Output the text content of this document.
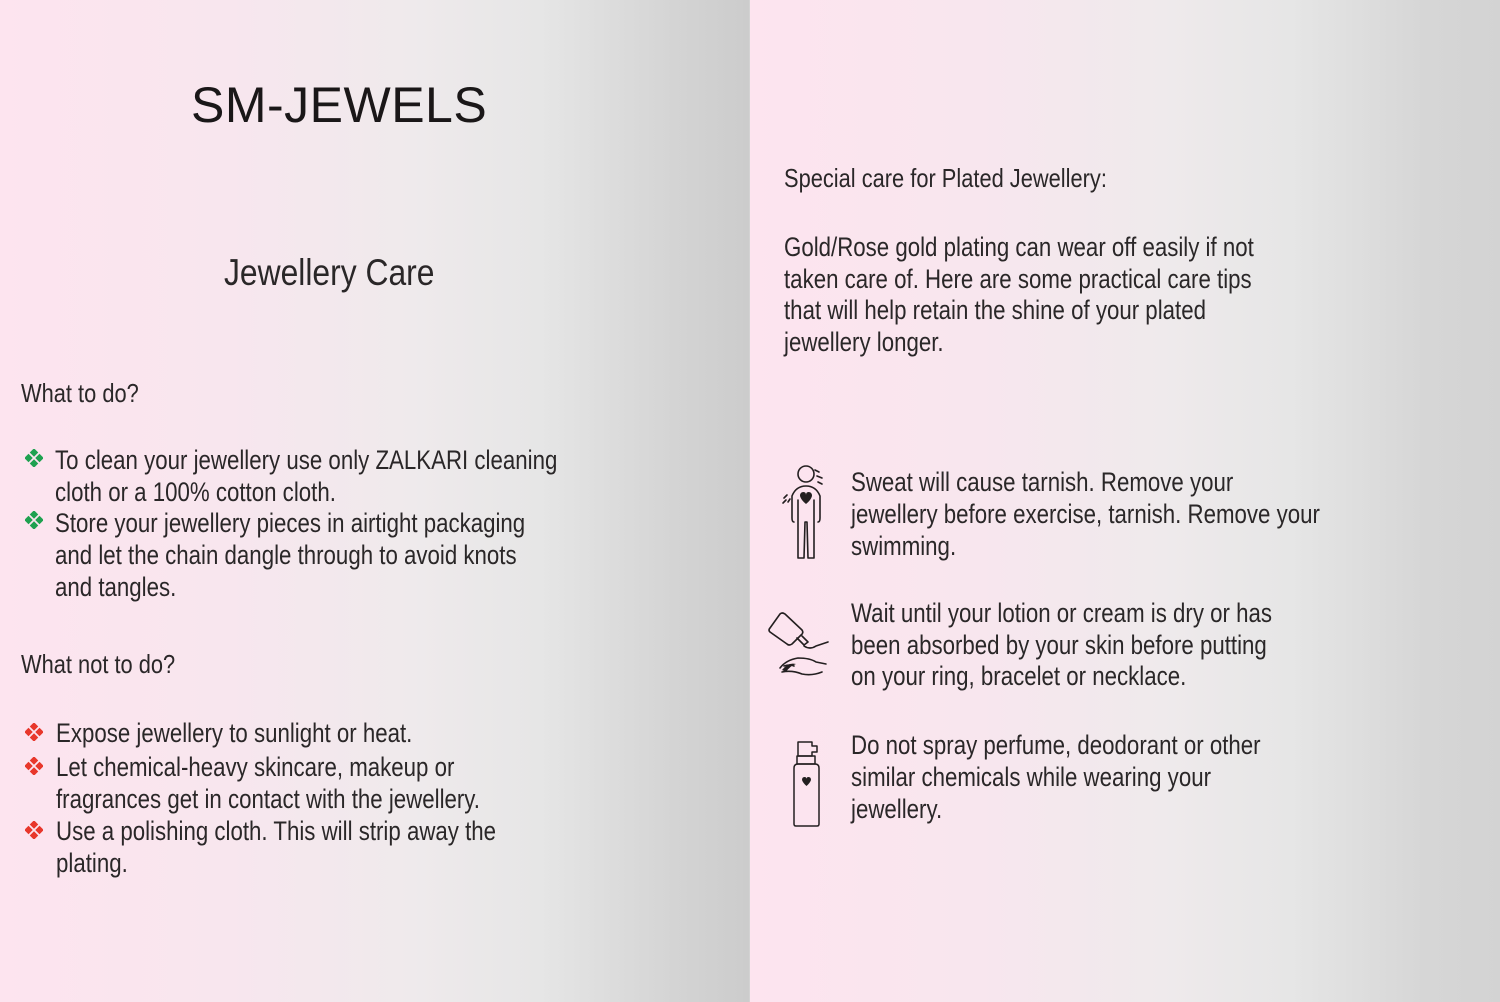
SM-JEWELS
Jewellery Care
What to do?
To clean your jewellery use only ZALKARI cleaning
cloth or a 100% cotton cloth.
Store your jewellery pieces in airtight packaging
and let the chain dangle through to avoid knots
and tangles.
What not to do?
Expose jewellery to sunlight or heat.
Let chemical-heavy skincare, makeup or
fragrances get in contact with the jewellery.
Use a polishing cloth. This will strip away the
plating.
Special care for Plated Jewellery:
Gold/Rose gold plating can wear off easily if not
taken care of. Here are some practical care tips
that will help retain the shine of your plated
jewellery longer.
Sweat will cause tarnish. Remove your
jewellery before exercise, tarnish. Remove your
swimming.
Wait until your lotion or cream is dry or has
been absorbed by your skin before putting
on your ring, bracelet or necklace.
Do not spray perfume, deodorant or other
similar chemicals while wearing your
jewellery.
